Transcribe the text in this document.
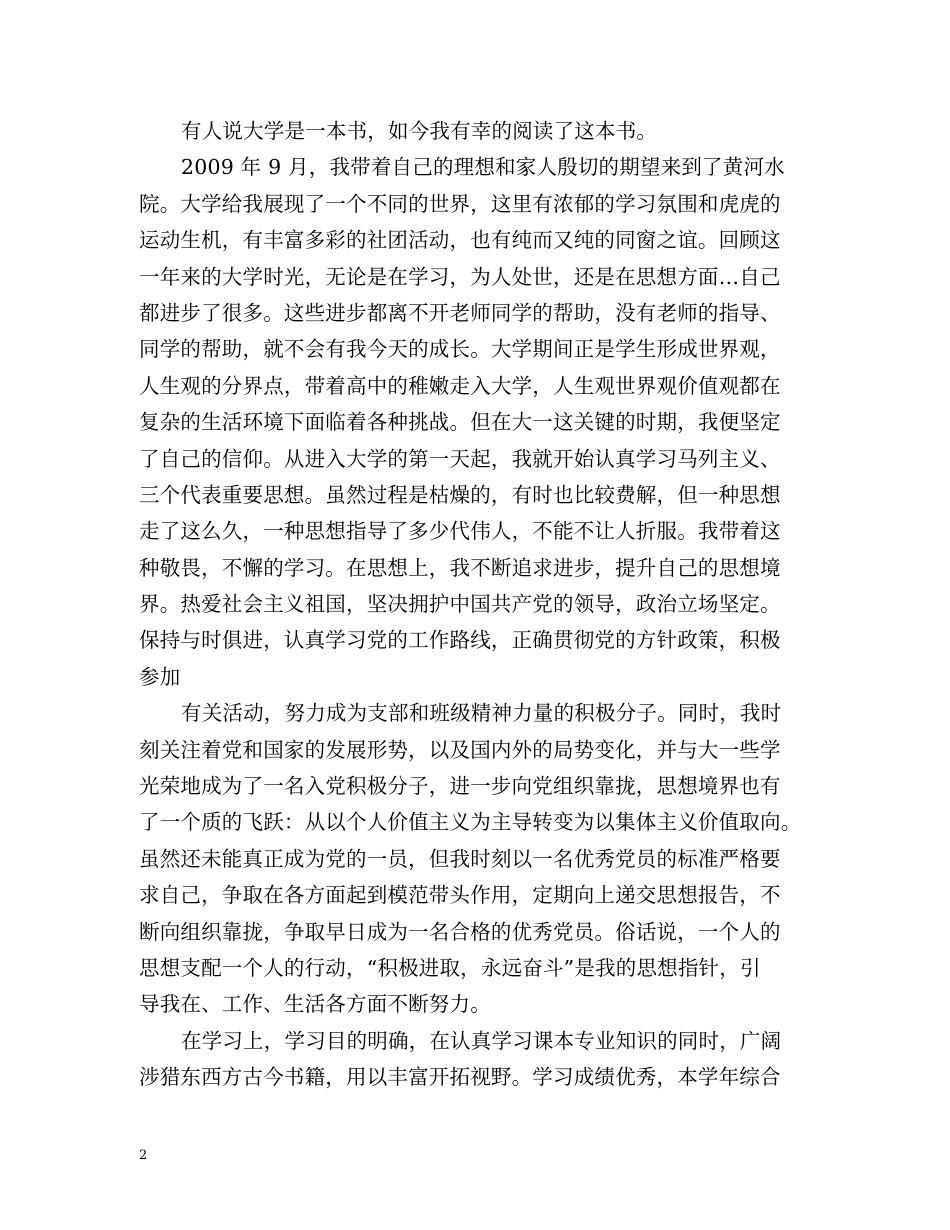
有人说大学是一本书，如今我有幸的阅读了这本书。
2009 年 9 月，我带着自己的理想和家人殷切的期望来到了黄河水
院。大学给我展现了一个不同的世界，这里有浓郁的学习氛围和虎虎的
运动生机，有丰富多彩的社团活动，也有纯而又纯的同窗之谊。回顾这
一年来的大学时光，无论是在学习，为人处世，还是在思想方面…自己
都进步了很多。这些进步都离不开老师同学的帮助，没有老师的指导、
同学的帮助，就不会有我今天的成长。大学期间正是学生形成世界观，
人生观的分界点，带着高中的稚嫩走入大学，人生观世界观价值观都在
复杂的生活环境下面临着各种挑战。但在大一这关键的时期，我便坚定
了自己的信仰。从进入大学的第一天起，我就开始认真学习马列主义、
三个代表重要思想。虽然过程是枯燥的，有时也比较费解，但一种思想
走了这么久，一种思想指导了多少代伟人，不能不让人折服。我带着这
种敬畏，不懈的学习。在思想上，我不断追求进步，提升自己的思想境
界。热爱社会主义祖国，坚决拥护中国共产党的领导，政治立场坚定。
保持与时俱进，认真学习党的工作路线，正确贯彻党的方针政策，积极
参加
有关活动，努力成为支部和班级精神力量的积极分子。同时，我时
刻关注着党和国家的发展形势，以及国内外的局势变化，并与大一些学
光荣地成为了一名入党积极分子，进一步向党组织靠拢，思想境界也有
了一个质的飞跃：从以个人价值主义为主导转变为以集体主义价值取向。
虽然还未能真正成为党的一员，但我时刻以一名优秀党员的标准严格要
求自己，争取在各方面起到模范带头作用，定期向上递交思想报告，不
断向组织靠拢，争取早日成为一名合格的优秀党员。俗话说，一个人的
思想支配一个人的行动，“积极进取，永远奋斗”是我的思想指针，引
导我在、工作、生活各方面不断努力。
在学习上，学习目的明确，在认真学习课本专业知识的同时，广阔
涉猎东西方古今书籍，用以丰富开拓视野。学习成绩优秀，本学年综合
2
